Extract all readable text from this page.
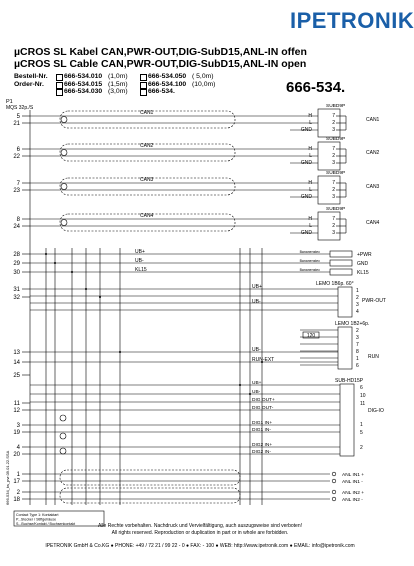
IPETRONIK
µCROS SL Kabel CAN,PWR-OUT,DIG-SubD15,ANL-IN offen
µCROS SL Cable CAN,PWR-OUT,DIG-SubD15,ANL-IN open
Bestell-Nr.
Order-Nr.
666-534.010 (1,0m)
666-534.015 (1,5m)
666-534.030 (3,0m)
666-534.050 ( 5,0m)
666-534.100 (10,0m)
666-534.	666-534.
P1
MQS 32p./S
5
21
6
22
7
23
8
24
28
29
30
31
32
13
14
25
11
12
3
19
4
20
1
17
2
18
CAN1
SUBD9P
H
L
GND
7
2
3
CAN1
CAN2
SUBD9P
H
L
GND
7
2
3
CAN2
CAN3
SUBD9P
H
L
GND
7
2
3
CAN3
CAN4
SUBD9P
H
L
GND
7
2
3
CAN4
UB+	Bananenstec	+PWR
UB-	Bananenstec	GND
KL15	Bananenstec	KL15
LEMO 1B6p. 60°
1
2
3
4
UB+
UB-	PWR-OUT
LEMO 1B2+6p.
2
3
7
8
1
6
120
UB-
RUN-EXT	RUN
SUB-HD15P
6
10
11
1
5
2
UB+
UB-
DIG OUT+
DIG OUT-
DIG1 IN+
DIG1 IN-
DIG2 IN+
DIG2 IN-
DIG-IO
ANL IN1 +
ANL IN1 -
ANL IN2 +
ANL IN2 -
666-534_ks_pvr.09.01.22.SSA
Contact Type 1: Kontaktart
P...Stecker / Stiftgehäuse
S...Buchse/Kontakt / Buchsenkontakt	Alle Rechte vorbehalten. Nachdruck und Vervielfältigung, auch auszugsweise sind verboten!
All rights reserved. Reproduction or duplication in part or in whole are forbidden.
IPETRONIK GmbH & Co.KG ● PHONE: +49 / 72 21 / 99 22 - 0 ● FAX: - 100 ● WEB: http://www.ipetronik.com ● EMAIL: info@ipetronik.com
